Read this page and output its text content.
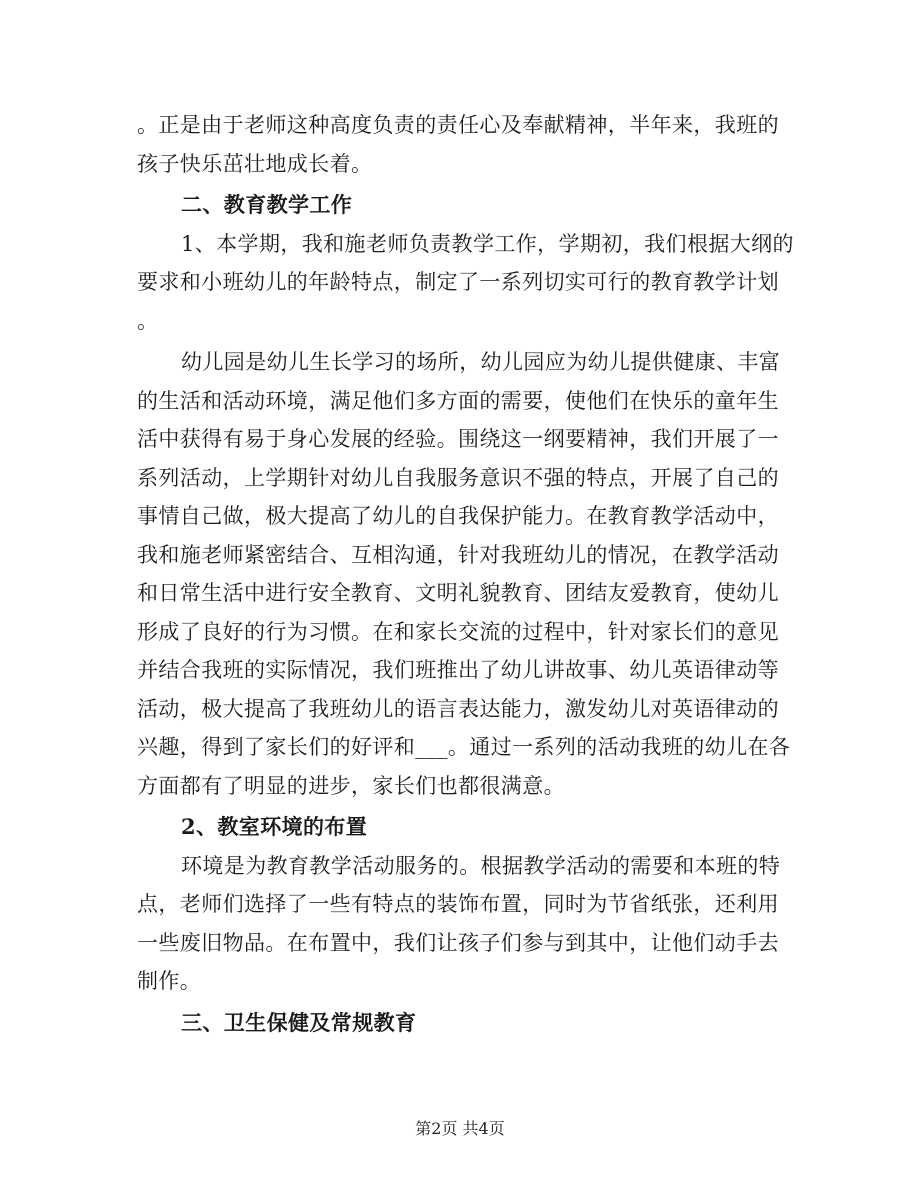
。正是由于老师这种高度负责的责任心及奉献精神，半年来，我班的
孩子快乐茁壮地成长着。
二、教育教学工作
1、本学期，我和施老师负责教学工作，学期初，我们根据大纲的
要求和小班幼儿的年龄特点，制定了一系列切实可行的教育教学计划
。
幼儿园是幼儿生长学习的场所，幼儿园应为幼儿提供健康、丰富
的生活和活动环境，满足他们多方面的需要，使他们在快乐的童年生
活中获得有易于身心发展的经验。围绕这一纲要精神，我们开展了一
系列活动，上学期针对幼儿自我服务意识不强的特点，开展了自己的
事情自己做，极大提高了幼儿的自我保护能力。在教育教学活动中，
我和施老师紧密结合、互相沟通，针对我班幼儿的情况，在教学活动
和日常生活中进行安全教育、文明礼貌教育、团结友爱教育，使幼儿
形成了良好的行为习惯。在和家长交流的过程中，针对家长们的意见
并结合我班的实际情况，我们班推出了幼儿讲故事、幼儿英语律动等
活动，极大提高了我班幼儿的语言表达能力，激发幼儿对英语律动的
兴趣，得到了家长们的好评和___。通过一系列的活动我班的幼儿在各
方面都有了明显的进步，家长们也都很满意。
2、教室环境的布置
环境是为教育教学活动服务的。根据教学活动的需要和本班的特
点，老师们选择了一些有特点的装饰布置，同时为节省纸张，还利用
一些废旧物品。在布置中，我们让孩子们参与到其中，让他们动手去
制作。
三、卫生保健及常规教育
第2页 共4页
